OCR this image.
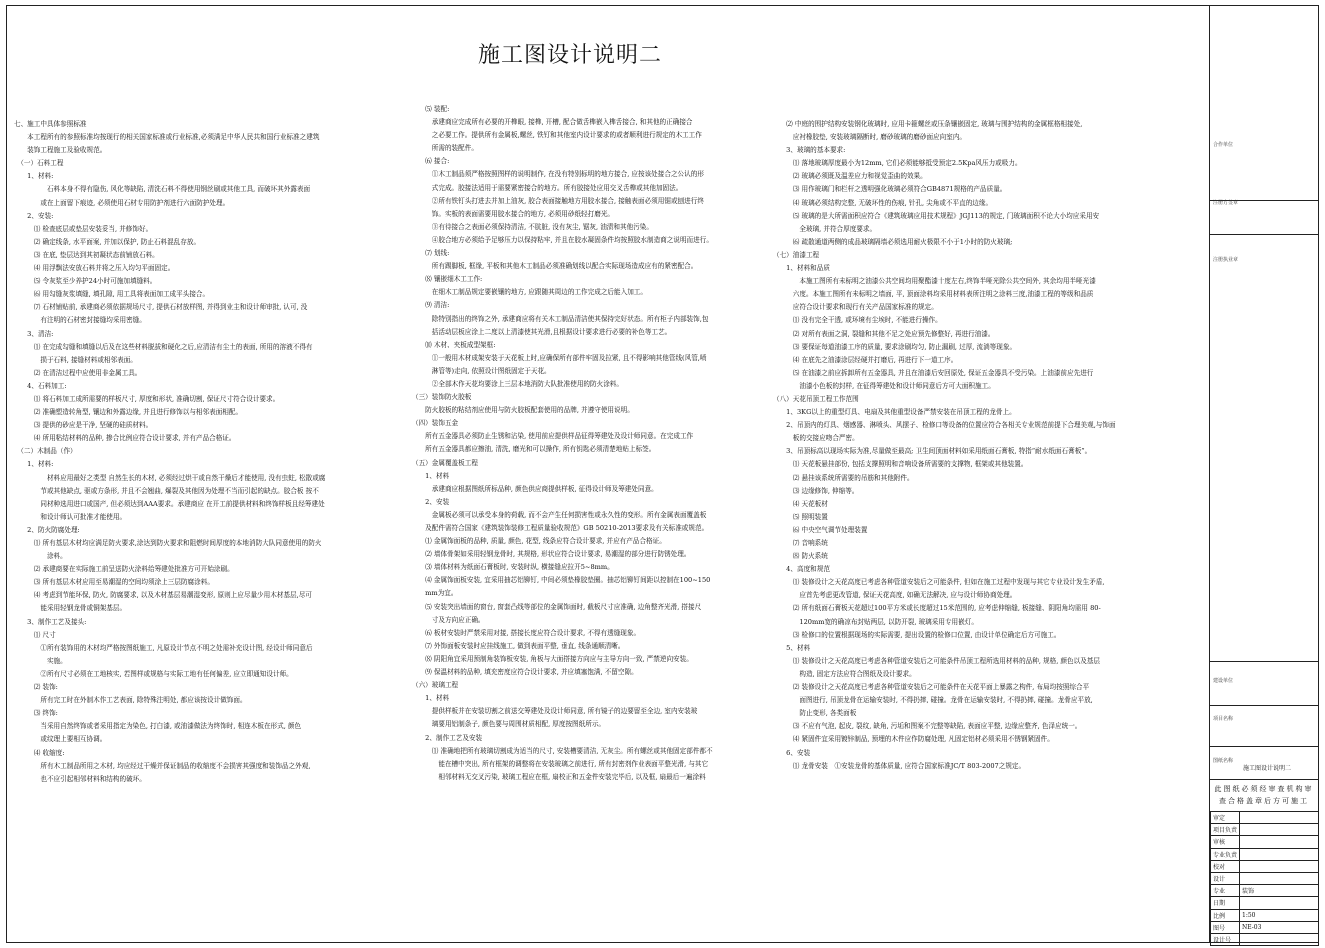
施工图设计说明二
七、施工中具体参照标准
　　本工程所有的参照标准均按现行的相关国家标准或行业标准,必须满足中华人民共和国行业标准之建筑
　　装饰工程施工及验收规范。
　（一）石料工程
　　1、材料:
　　　　　石料本身不得有隐伤, 风化等缺陷, 清洗石料不得使用钢丝刷或其他工具, 而破坏其外露表面
　　　　或在上面留下痕迹, 必须使用石材专用防护剂进行六面防护处理。
　　2、安装:
　　　⑴ 检查底层或垫层安装妥当, 并修饰好。
　　　⑵ 确定线条, 水平面案, 并加以保护, 防止石料混乱存放。
　　　⑶ 在底, 垫层达到其初凝状态前铺放石料。
　　　⑷ 用浮飘法安放石料并将之压入均匀平面固定。
　　　⑸ 令灰浆至少养护24小时可施加填缝料。
　　　⑹ 用勾缝灰浆填缝, 填孔隙, 用工具将表面加工成平头接合。
　　　⑺ 石材铺贴前, 承建商必须依据规场尺寸, 提供石材放样图, 并得到业主和设计师审批, 认可, 没
　　　　有注明的石材密封接缝均采用密缝。
　　3、清洁:
　　　⑴ 在完成勾缝和填缝以后及在这些材料脱拔和硬化之后,应清洁有尘土的表面, 所用的溶液不得有
　　　　损于石料, 接缝材料或相邻表面。
　　　⑵ 在清洁过程中应使用非金属工具。
　　4、石料加工:
　　　⑴ 将石料加工成所需要的样板尺寸, 厚度和形状, 准确切割, 保证尺寸符合设计要求。
　　　⑵ 准确塑造转角型, 镶边和外露边缘, 并且进行修饰以与相邻表面相配。
　　　⑶ 提供的砂应是干净, 坚硬的硅质材料。
　　　⑷ 所用粘结材料的品种, 掺合比例应符合设计要求, 并有产品合格证。
　（二）木制品（作）
　　1、材料:
　　　　　材料应用最好之类型 自然生长的木材, 必须经过烘干或自然干燥后才能使用, 没有虫蛀, 松散或腐
　　　　节或其他缺点, 驱或方条形, 并且不会翘曲, 爆裂及其他因为处理不当而引起的缺点。胶合板 按不
　　　　同材种选用进口或国产, 但必须达到AAA要求。承建商应 在开工前提供材料和终饰样板且经筹建处
　　　　和设计师认可批准才能使用。
　　2、防火防腐处理:
　　　⑴ 所有基层木材均应满足防火要求,涂达到防火要求和阻燃时间厚度的本地消防大队同意使用的防火
　　　　　涂料。
　　　⑵ 承建商要在实际施工前呈送防火涂料给筹建处批准方可开始涂刷。
　　　⑶ 所有基层木材应用至易潮湿的空间均须涂上三层防腐涂料。
　　　⑷ 考虑到节能环保, 防火, 防腐要求, 以及木材基层易潮湿变形, 原则上应尽量少用木材基层,尽可
　　　　能采用轻钢龙骨或铜架基层。
　　3、制作工艺及接头:
　　　⑴ 尺寸
　　　　①所有装饰用的木材均严格按图纸施工, 凡原设计节点不明之处需补充设计图, 经设计师同意后
　　　　　实施。
　　　　②所有尺寸必须在工地核实, 若图样或规格与实际工地有任何偏差, 应立即通知设计师。
　　　⑵ 装饰:
　　　　所有完工时在外制木作工艺表面, 除特殊注明处, 都应该按设计做饰面。
　　　⑶ 终饰:
　　　　当采用自然终饰或者采用指定为染色, 打白漆, 或油漆做法为终饰时, 相连木板在形式, 颜色
　　　　或纹理上要相互协调。
　　　⑷ 收缩度:
　　　　所有木工制品所用之木材, 均应经过干燥并保证制品的收缩度不会损害其强度和装饰品之外观,
　　　　也不应引起相邻材料和结构的破坏。
　　⑸ 装配:
　　　承建商应完成所有必要的开榫眼, 接榫, 开槽, 配合做舌榫嵌入榫舌接合, 和其他的正确接合
　　　之必要工作。提供所有金属板,螺丝, 铁钉和其他室内设计要求的或者顺利进行规定的木工工作
　　　所需的装配件。
　　⑹ 接合:
　　　①木工制品须严格按照图样的说明制作, 在没有特别标明的地方接合, 应按该处接合之公认的形
　　　式完成。胶接法适用于需要紧密接合的地方。所有胶接处应用交叉舌榫或其他加固法。
　　　②所有铁钉头打进去并加上油灰, 胶合表面接触地方用胶水接合, 接触表面必须用锯或刨进行终
　　　饰。实板的表面需要用胶水接合的地方, 必须用砂纸轻打磨光。
　　　③有待接合之表面必须保持清洁, 不肮脏, 没有灰尘, 锯灰, 油渍和其他污染。
　　　④胶合地方必须给予足够压力以保持粘牢, 并且在胶水凝固条件均按照胶水制造商之说明而进行。
　　⑺ 划线:
　　　所有踢脚板, 框缘, 平板和其他木工制品必须准确划线以配合实际现场造成应有的紧密配合。
　　⑻ 镶嵌细木工工作:
　　　在细木工制品规定要嵌镶的地方, 应跟随其周边的工作完成之后能入加工。
　　⑼ 清洁:
　　　除特别指出的终饰之外, 承建商应将有关木工制品清洁使其保持完好状态。所有柜子内部装饰,包
　　　括活动层板应涂上二度以上清漆使其光滑,且根据设计要求进行必要的补色等工艺。
　　⑽ 木材、夹板成型架框:
　　　①一般用木材成架安装于天花板上时,应确保所有部件牢固及拉紧, 且不得影响其他管线(风管,喷
　　　淋管等)走向, 依照设计图纸固定于天花。
　　　②全部木作天花均要涂上三层本地消防大队批准使用的防火涂料。
（三）装饰防火胶板
　　防火胶板的粘结剂应使用与防火胶板配套使用的品牌, 并遵守使用说明。
（四）装饰五金
　　所有五金器具必须防止生锈和沾染, 使用前应提供样品征得筹建处及设计师同意。在完成工作
　　所有五金器具都应擦油, 清洗, 磨光和可以操作, 所有钥匙必须清楚地贴上标签。
（五）金属覆盖板工程
　　1、材料
　　　承建商应根据图纸所标品种, 颜色供应商提供样板, 征得设计师及筹建处同意。
　　2、安装
　　　金属板必须可以承受本身的荷载, 而不会产生任何损害性或永久性的变形。所有金属表面覆盖板
　　及配件需符合国家《建筑装饰装修工程质量验收规范》GB 50210-2013要求及有关标准或规范。
　　⑴ 金属饰面板的品种, 质量, 颜色, 花型, 线条应符合设计要求, 并应有产品合格证。
　　⑵ 墙体骨架如采用轻钢龙骨时, 其规格, 形状应符合设计要求, 易潮湿的部分进行防锈处理。
　　⑶ 墙体材料为纸面石膏板时, 安装时纵, 横接缝应拉开5~8mm。
　　⑷ 金属饰面板安装, 宜采用抽芯铝铆钉, 中间必须垫橡胶垫圈。抽芯铝铆钉间距以控制在100~150
　　mm为宜。
　　⑸ 安装突出墙面的窗台, 窗套凸线等部位的金属饰面时, 截板尺寸应准确, 边角整齐光滑, 搭接尺
　　　寸及方向应正确。
　　⑹ 板材安装时严禁采用对接, 搭接长度应符合设计要求, 不得有透缝现象。
　　⑺ 外饰面板安装时应挂线施工, 做到表面平整, 垂直, 线条通顺清晰。
　　⑻ 阴阳角宜采用预制角装饰板安装, 角板与大面搭接方向应与主导方向一致, 严禁逆向安装。
　　⑼ 保温材料的品种, 填充密度应符合设计要求, 并应填塞饱满, 不留空隙。
（六）玻璃工程
　　1、材料
　　　提供样板并在安装切割之前送交筹建处及设计师同意, 所有镜子的边要留至全边, 室内安装玻
　　　璃要用铝制条子, 颜色要与周围材质相配, 厚度按图纸所示。
　　2、制作工艺及安装
　　　⑴ 准确地把所有玻璃切割成为适当的尺寸, 安装槽要清洁, 无灰尘。所有螺丝或其他固定部件都不
　　　　能在槽中突出, 所有框架的调整将在安装玻璃之前进行, 所有封密剂作业表面平整光滑, 与其它
　　　　相邻材料无交叉污染, 玻璃工程应在框, 扇校正和五金件安装完毕后, 以及框, 扇最后一遍涂料
　　⑵ 中庭的围护结构安装钢化玻璃时, 应用卡箍螺丝或压条镶嵌固定, 玻璃与围护结构的金属框格相接处,
　　　应衬橡胶垫, 安装玻璃隔断时, 磨砂玻璃的磨砂面应向室内。
　　3、玻璃的基本要求:
　　　⑴ 落地玻璃厚度最小为12mm, 它们必须能够抵受预定2.5Kpa风压力或吸力。
　　　⑵ 玻璃必须既及温差应力和视觉歪曲的效果。
　　　⑶ 用作玻璃门和栏杆之透明强化玻璃必须符合GB4871规格的产品质量。
　　　⑷ 玻璃必须结构完整, 无破坏性的伤痕, 针孔, 尖角或不平直的边缘。
　　　⑸ 玻璃的是大所需面积应符合《建筑玻璃应用技术规程》JGJ113的规定, 门玻璃面积不论大小均应采用安
　　　　全玻璃, 并符合厚度要求。
　　　⑹ 疏散通道两侧的成品玻璃隔墙必须选用耐火极限不小于1小时的防火玻璃;
（七）油漆工程
　　1、材料和品质
　　　　本施工图所有未标明之油漆公共空间均用聚酯漆十度左右,终饰半哑光除公共空间外, 其余均用半哑光漆
　　　六度。本施工图所有未标明之墙面, 平, 顶面涂料均采用材料表所注明之涂料三度,油漆工程的等级和品质
　　　应符合设计要求和现行有关产品国家标准的规定。
　　　⑴ 没有完全干透, 或环境有尘埃时, 不能进行操作。
　　　⑵ 对所有表面之洞, 裂缝和其他不足之处应预先修整好, 再进行油漆。
　　　⑶ 要保证每道油漆工序的质量, 要求涂刷均匀, 防止漏刷, 过厚, 流淌等现象。
　　　⑷ 在底先之油漆涂层经硬并打磨后, 再进行下一道工序。
　　　⑸ 在油漆之前应拆卸所有五金器具, 并且在油漆后安回原处, 保证五金器具不受污染。上油漆前应先进行
　　　　油漆小色板的封样, 在征得筹建处和设计师同意后方可大面积施工。
（八）天花吊顶工程工作范围
　　1、3KG以上的重型灯具、电扇及其他重型设备严禁安装在吊顶工程的龙骨上。
　　2、吊顶内的灯具、烟感器、淋喷头、风摆子、检修口等设备的位置应符合各相关专业规范前提下合理美观,与饰面
　　　板的交接应吻合严密。
　　3、吊顶标高以现场实际为准,尽量做至最高; 卫生间顶面材料如采用纸面石膏板, 特指“耐水纸面石膏板”。
　　　⑴ 天花板悬挂部份, 包括支撑照明和音响设备所需要的支撑物, 框架或其他装置。
　　　⑵ 悬挂该系统所需要的吊筋和其他附件。
　　　⑶ 边缘修饰, 伸缩等。
　　　⑷ 天花板材
　　　⑸ 照明装置
　　　⑹ 中央空气调节处理装置
　　　⑺ 音响系统
　　　⑻ 防火系统
　　4、高度和规范
　　　⑴ 装修设计之天花高度已考虑各种管道安装后之可能条件, 但如在施工过程中发现与其它专业设计发生矛盾,
　　　　应首先考虑更改管道, 保证天花高度, 如确无法解决, 应与设计师协商处理。
　　　⑵ 所有纸面石膏板天花超过100平方米或长度超过15米范围的, 应考虑伸缩缝, 板接缝、阴阳角均需用 80-
　　　　120mm宽的确凉布封贴两层, 以防开裂, 玻璃采用专用嵌灯。
　　　⑶ 检修口的位置根据现场的实际需要, 提出设置的检修口位置, 由设计单位确定后方可施工。
　　5、材料
　　　⑴ 装修设计之天花高度已考虑各种管道安装后之可能条件吊顶工程所选用材料的品种, 规格, 颜色以及基层
　　　　构造, 固定方法应符合图纸及设计要求。
　　　⑵ 装修设计之天花高度已考虑各种管道安装后之可能条件在天花平面上暴露之构件, 布局均按照综合平
　　　　面图进行, 吊顶龙骨在运输安装时, 不得扔摔, 碰撞。龙骨在运输安装时, 不得扔摔, 碰撞。龙骨应平放,
　　　　防止变形, 各类面板
　　　⑶ 不应有气泡, 起皮, 裂纹, 缺角, 污垢和图案不完整等缺陷, 表面应平整, 边缘应整齐, 色泽应统一。
　　　⑷ 紧固件宜采用镀锌制品, 预埋的木件应作防腐处理, 凡固定铝材必须采用不锈钢紧固件。
　　6、安装
　　　⑴ 龙骨安装　①安装龙骨的基体质量, 应符合国家标准JC/T 803-2007之规定。
合作单位
注册方签章
注册执业章
建设单位
项目名称
图纸名称
施工图设计说明二
此图纸必须经审查机构审查合格盖章后方可施工
审定	
项目负责	
审核	
专业负责	
校对	
设计	
专业	装饰
日期	
比例	1:50
图号	NE-03
设计号	
